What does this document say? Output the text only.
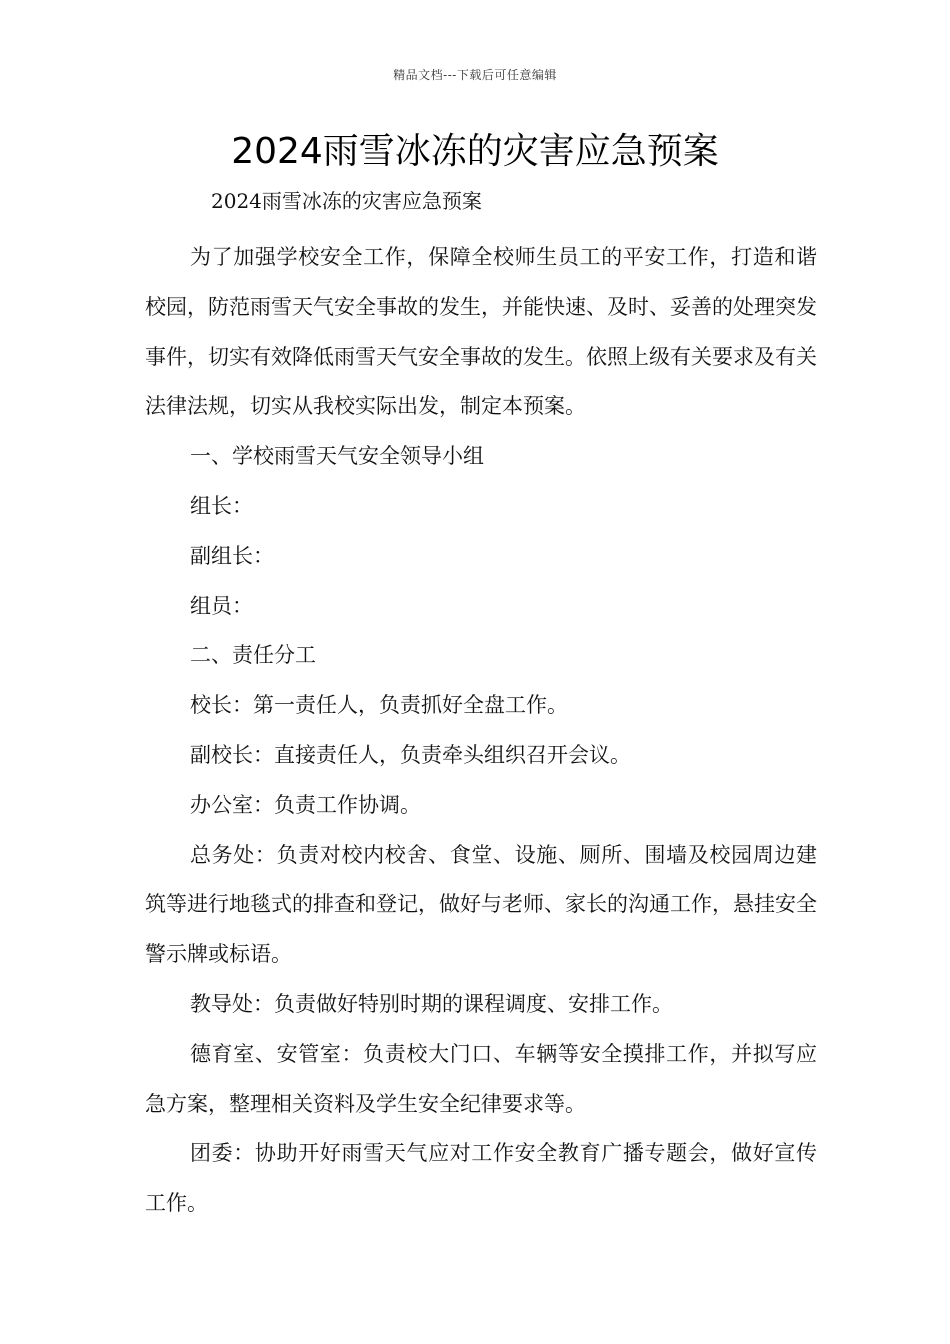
精品文档---下载后可任意编辑
2024雨雪冰冻的灾害应急预案
2024雨雪冰冻的灾害应急预案

为了加强学校安全工作，保障全校师生员工的平安工作，打造和谐校园，防范雨雪天气安全事故的发生，并能快速、及时、妥善的处理突发事件，切实有效降低雨雪天气安全事故的发生。依照上级有关要求及有关法律法规，切实从我校实际出发，制定本预案。

一、学校雨雪天气安全领导小组

组长：

副组长：

组员：

二、责任分工

校长：第一责任人，负责抓好全盘工作。

副校长：直接责任人，负责牵头组织召开会议。

办公室：负责工作协调。

总务处：负责对校内校舍、食堂、设施、厕所、围墙及校园周边建筑等进行地毯式的排查和登记，做好与老师、家长的沟通工作，悬挂安全警示牌或标语。

教导处：负责做好特别时期的课程调度、安排工作。

德育室、安管室：负责校大门口、车辆等安全摸排工作，并拟写应急方案，整理相关资料及学生安全纪律要求等。

团委：协助开好雨雪天气应对工作安全教育广播专题会，做好宣传工作。
